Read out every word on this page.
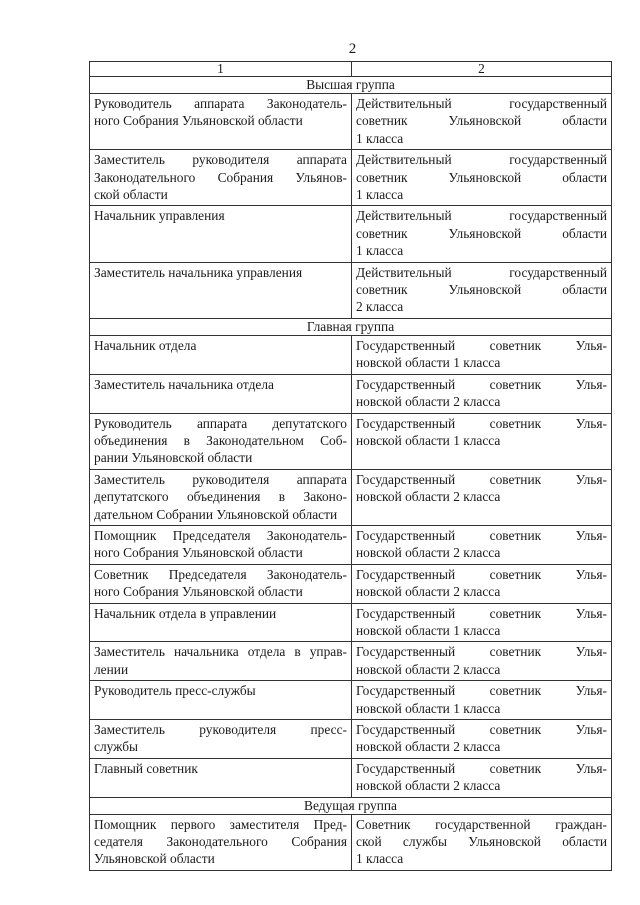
2
1	2
Высшая группа	

Руководитель аппарата Законодатель-
ного Собрания Ульяновской области	Действительный государственный
советник Ульяновской области
1 класса

Заместитель руководителя аппарата
Законодательного Собрания Ульянов-
ской области	Действительный государственный
советник Ульяновской области
1 класса

Начальник управления	Действительный государственный
советник Ульяновской области
1 класса

Заместитель начальника управления	Действительный государственный
советник Ульяновской области
2 класса

Главная группа	

Начальник отдела	Государственный советник Улья-
новской области 1 класса

Заместитель начальника отдела	Государственный советник Улья-
новской области 2 класса

Руководитель аппарата депутатского
объединения в Законодательном Соб-
рании Ульяновской области	Государственный советник Улья-
новской области 1 класса

Заместитель руководителя аппарата
депутатского объединения в Законо-
дательном Собрании Ульяновской области	Государственный советник Улья-
новской области 2 класса

Помощник Председателя Законодатель-
ного Собрания Ульяновской области	Государственный советник Улья-
новской области 2 класса

Советник Председателя Законодатель-
ного Собрания Ульяновской области	Государственный советник Улья-
новской области 2 класса

Начальник отдела в управлении	Государственный советник Улья-
новской области 1 класса

Заместитель начальника отдела в управ-
лении	Государственный советник Улья-
новской области 2 класса

Руководитель пресс-службы	Государственный советник Улья-
новской области 1 класса

Заместитель руководителя пресс-
службы	Государственный советник Улья-
новской области 2 класса

Главный советник	Государственный советник Улья-
новской области 2 класса

Ведущая группа	

Помощник первого заместителя Пред-
седателя Законодательного Собрания
Ульяновской области	Советник государственной граждан-
ской службы Ульяновской области
1 класса
